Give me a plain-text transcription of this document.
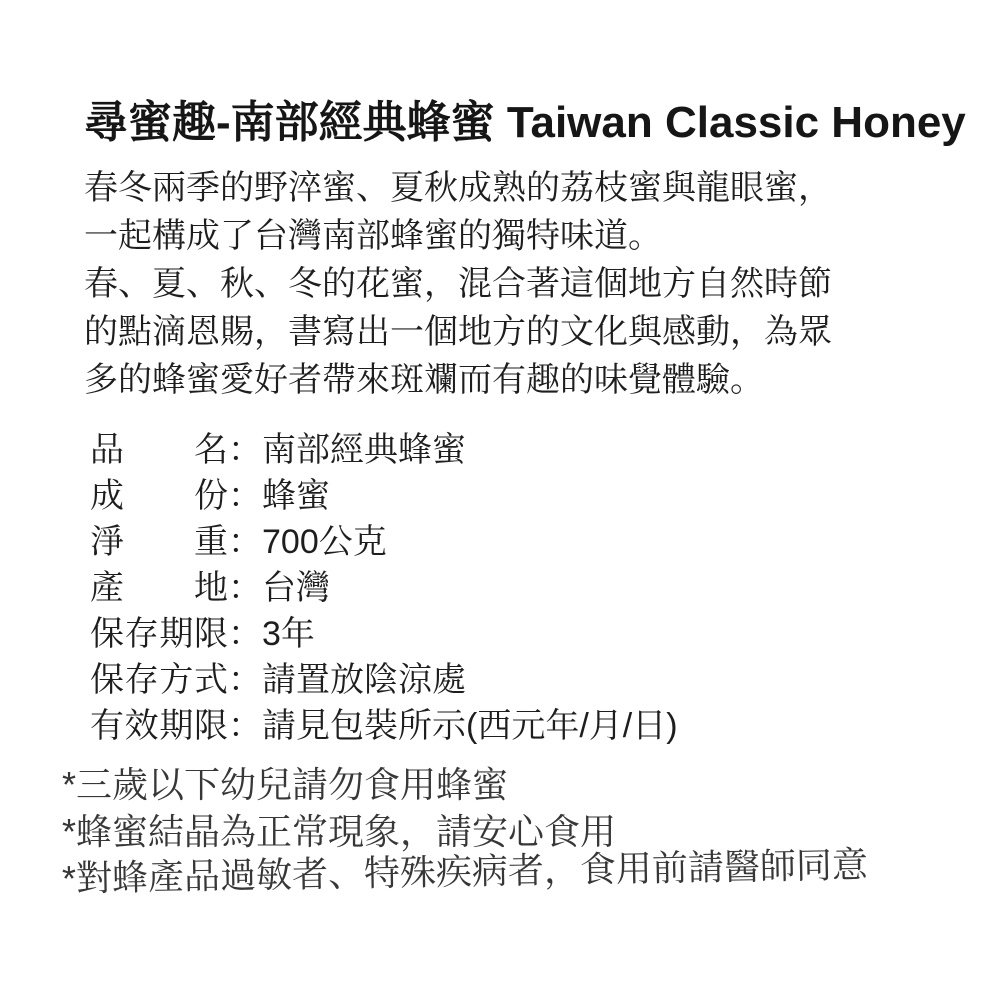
尋蜜趣-南部經典蜂蜜 Taiwan Classic Honey

春冬兩季的野淬蜜、夏秋成熟的荔枝蜜與龍眼蜜，一起構成了台灣南部蜂蜜的獨特味道。

春、夏、秋、冬的花蜜，混合著這個地方自然時節的點滴恩賜，書寫出一個地方的文化與感動，為眾多的蜂蜜愛好者帶來斑斕而有趣的味覺體驗。

品名：南部經典蜂蜜
成份：蜂蜜
淨重：700公克
產地：台灣
保存期限：3年
保存方式：請置放陰涼處
有效期限：請見包裝所示(西元年/月/日)

*三歲以下幼兒請勿食用蜂蜜

*蜂蜜結晶為正常現象，請安心食用

*對蜂產品過敏者、特殊疾病者，食用前請醫師同意
